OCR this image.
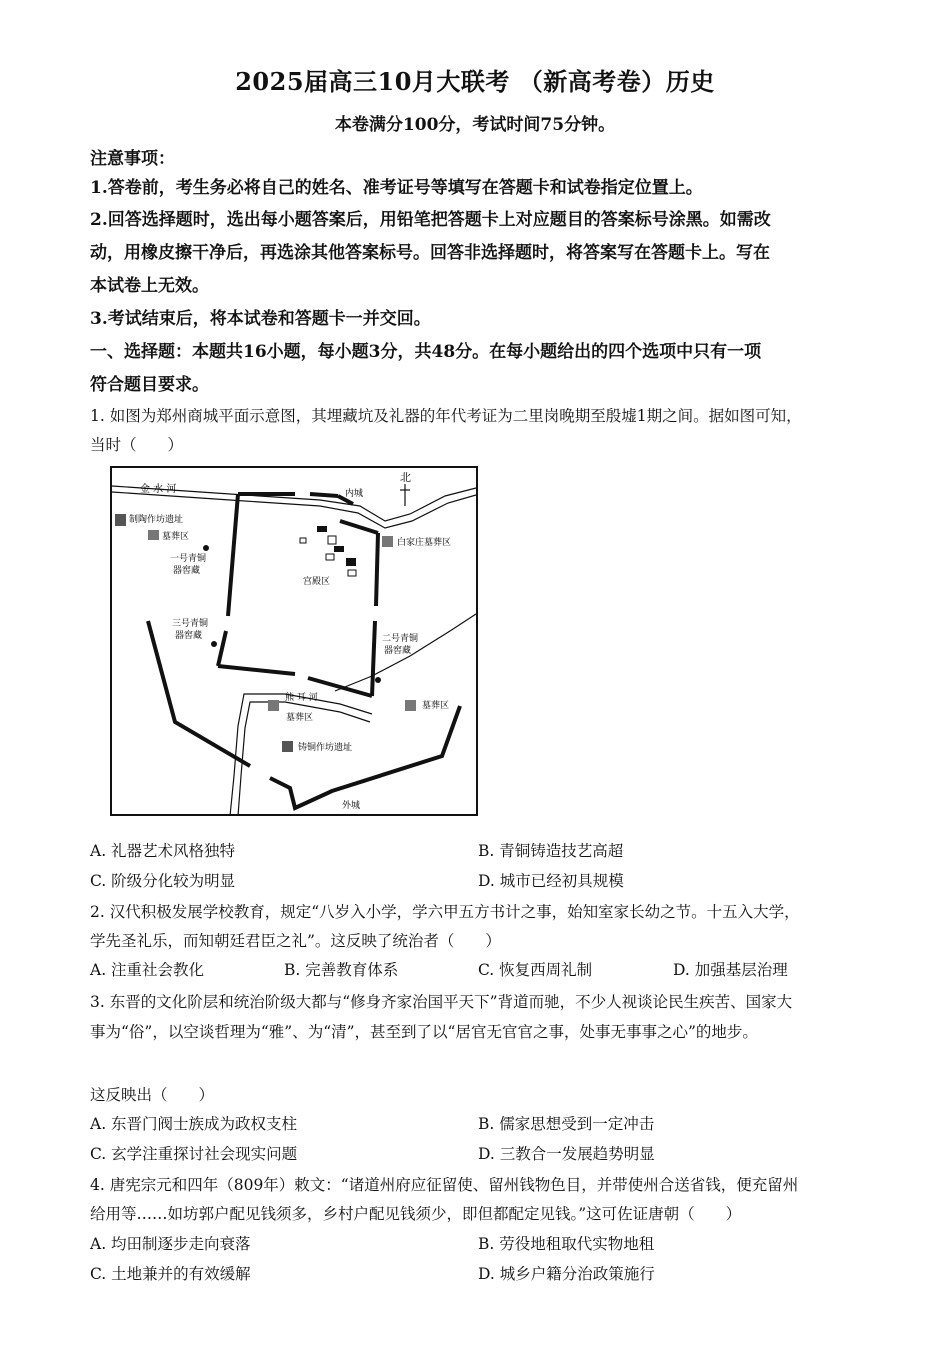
2025届高三10月大联考 （新高考卷）历史
本卷满分100分，考试时间75分钟。
注意事项：
1.答卷前，考生务必将自己的姓名、准考证号等填写在答题卡和试卷指定位置上。
2.回答选择题时，选出每小题答案后，用铅笔把答题卡上对应题目的答案标号涂黑。如需改
动，用橡皮擦干净后，再选涂其他答案标号。回答非选择题时，将答案写在答题卡上。写在
本试卷上无效。
3.考试结束后，将本试卷和答题卡一并交回。
一、选择题：本题共16小题，每小题3分，共48分。在每小题给出的四个选项中只有一项
符合题目要求。
1. 如图为郑州商城平面示意图，其埋藏坑及礼器的年代考证为二里岗晚期至殷墟1期之间。据如图可知，
当时（　　）
金 水 河
北
内城
宫殿区
制陶作坊遗址
墓葬区
一号青铜
器窖藏
白家庄墓葬区
三号青铜
器窖藏	二号青铜
器窖藏
熊 耳 河
外城
墓葬区
墓葬区
铸铜作坊遗址
A. 礼器艺术风格独特	B. 青铜铸造技艺高超
C. 阶级分化较为明显	D. 城市已经初具规模
2. 汉代积极发展学校教育，规定“八岁入小学，学六甲五方书计之事，始知室家长幼之节。十五入大学，
学先圣礼乐，而知朝廷君臣之礼”。这反映了统治者（　　）
A. 注重社会教化	B. 完善教育体系	C. 恢复西周礼制	D. 加强基层治理
3. 东晋的文化阶层和统治阶级大都与“修身齐家治国平天下”背道而驰，不少人视谈论民生疾苦、国家大
事为“俗”，以空谈哲理为“雅”、为“清”，甚至到了以“居官无官官之事，处事无事事之心”的地步。
这反映出（　　）
A. 东晋门阀士族成为政权支柱	B. 儒家思想受到一定冲击
C. 玄学注重探讨社会现实问题	D. 三教合一发展趋势明显
4. 唐宪宗元和四年（809年）敕文：“诸道州府应征留使、留州钱物色目，并带使州合送省钱，便充留州
给用等……如坊郭户配见钱须多，乡村户配见钱须少，即但都配定见钱。”这可佐证唐朝（　　）
A. 均田制逐步走向衰落	B. 劳役地租取代实物地租
C. 土地兼并的有效缓解	D. 城乡户籍分治政策施行
